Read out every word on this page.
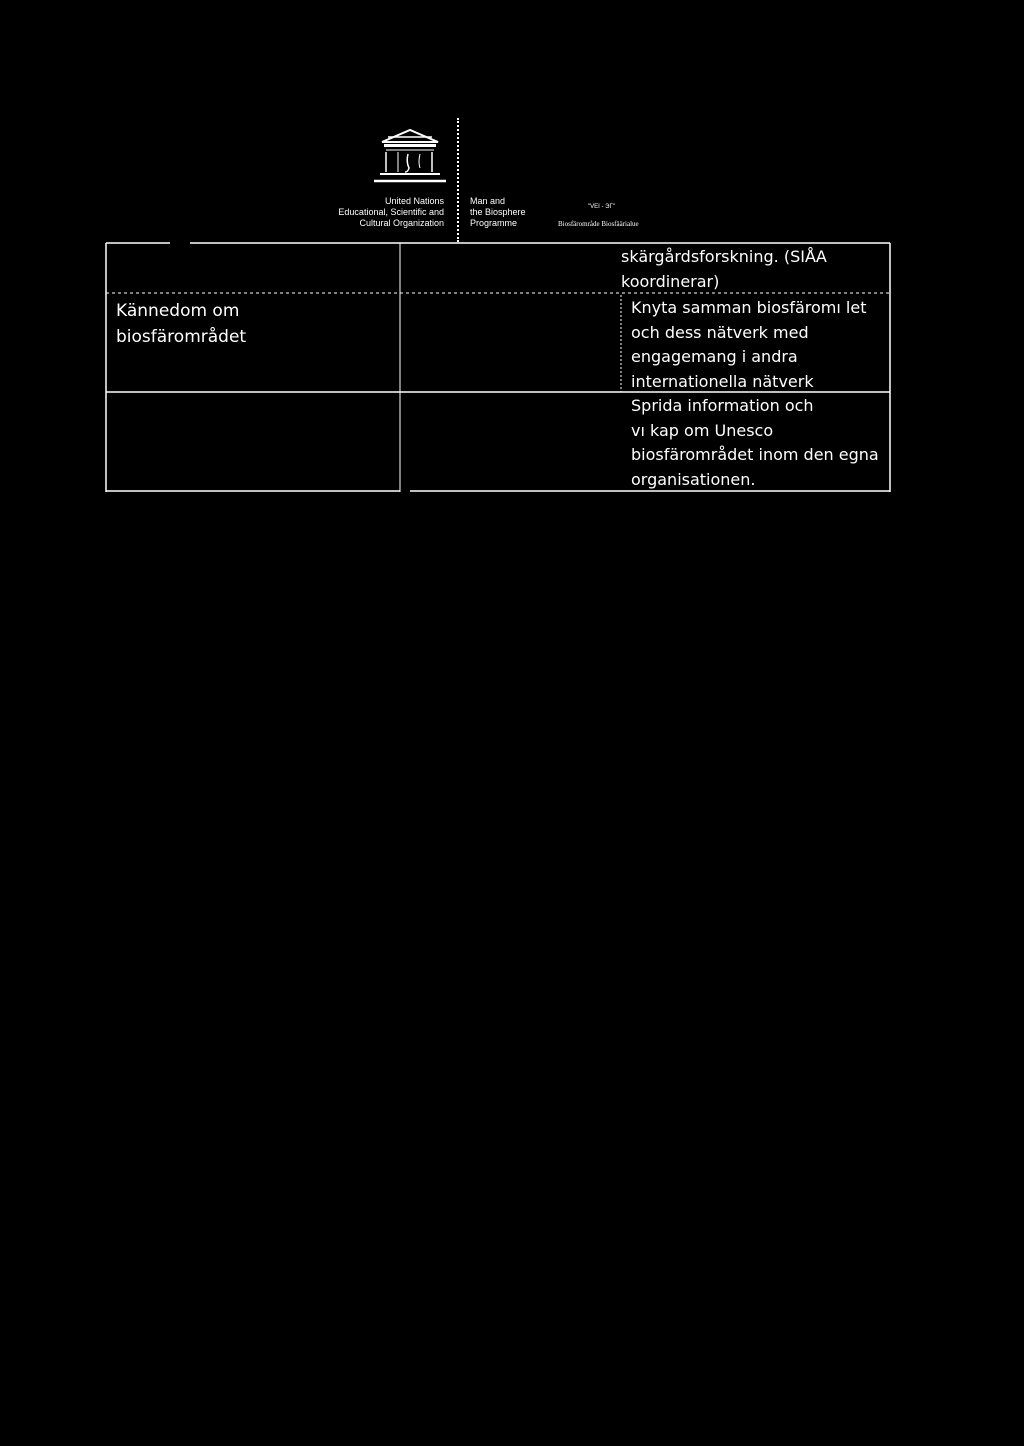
United Nations
Educational, Scientific and
Cultural Organization
Man and
the Biosphere
Programme
"VEI - ЭГ"
Biosfärområde Biosfäärialue
skärgårdsforskning. (SIÅA
koordinerar)
Kännedom om
biosfärområdet
Knyta samman biosfäromı let
och dess nätverk med
engagemang i andra
internationella nätverk
Sprida information och
vı kap om Unesco
biosfärområdet inom den egna
organisationen.
